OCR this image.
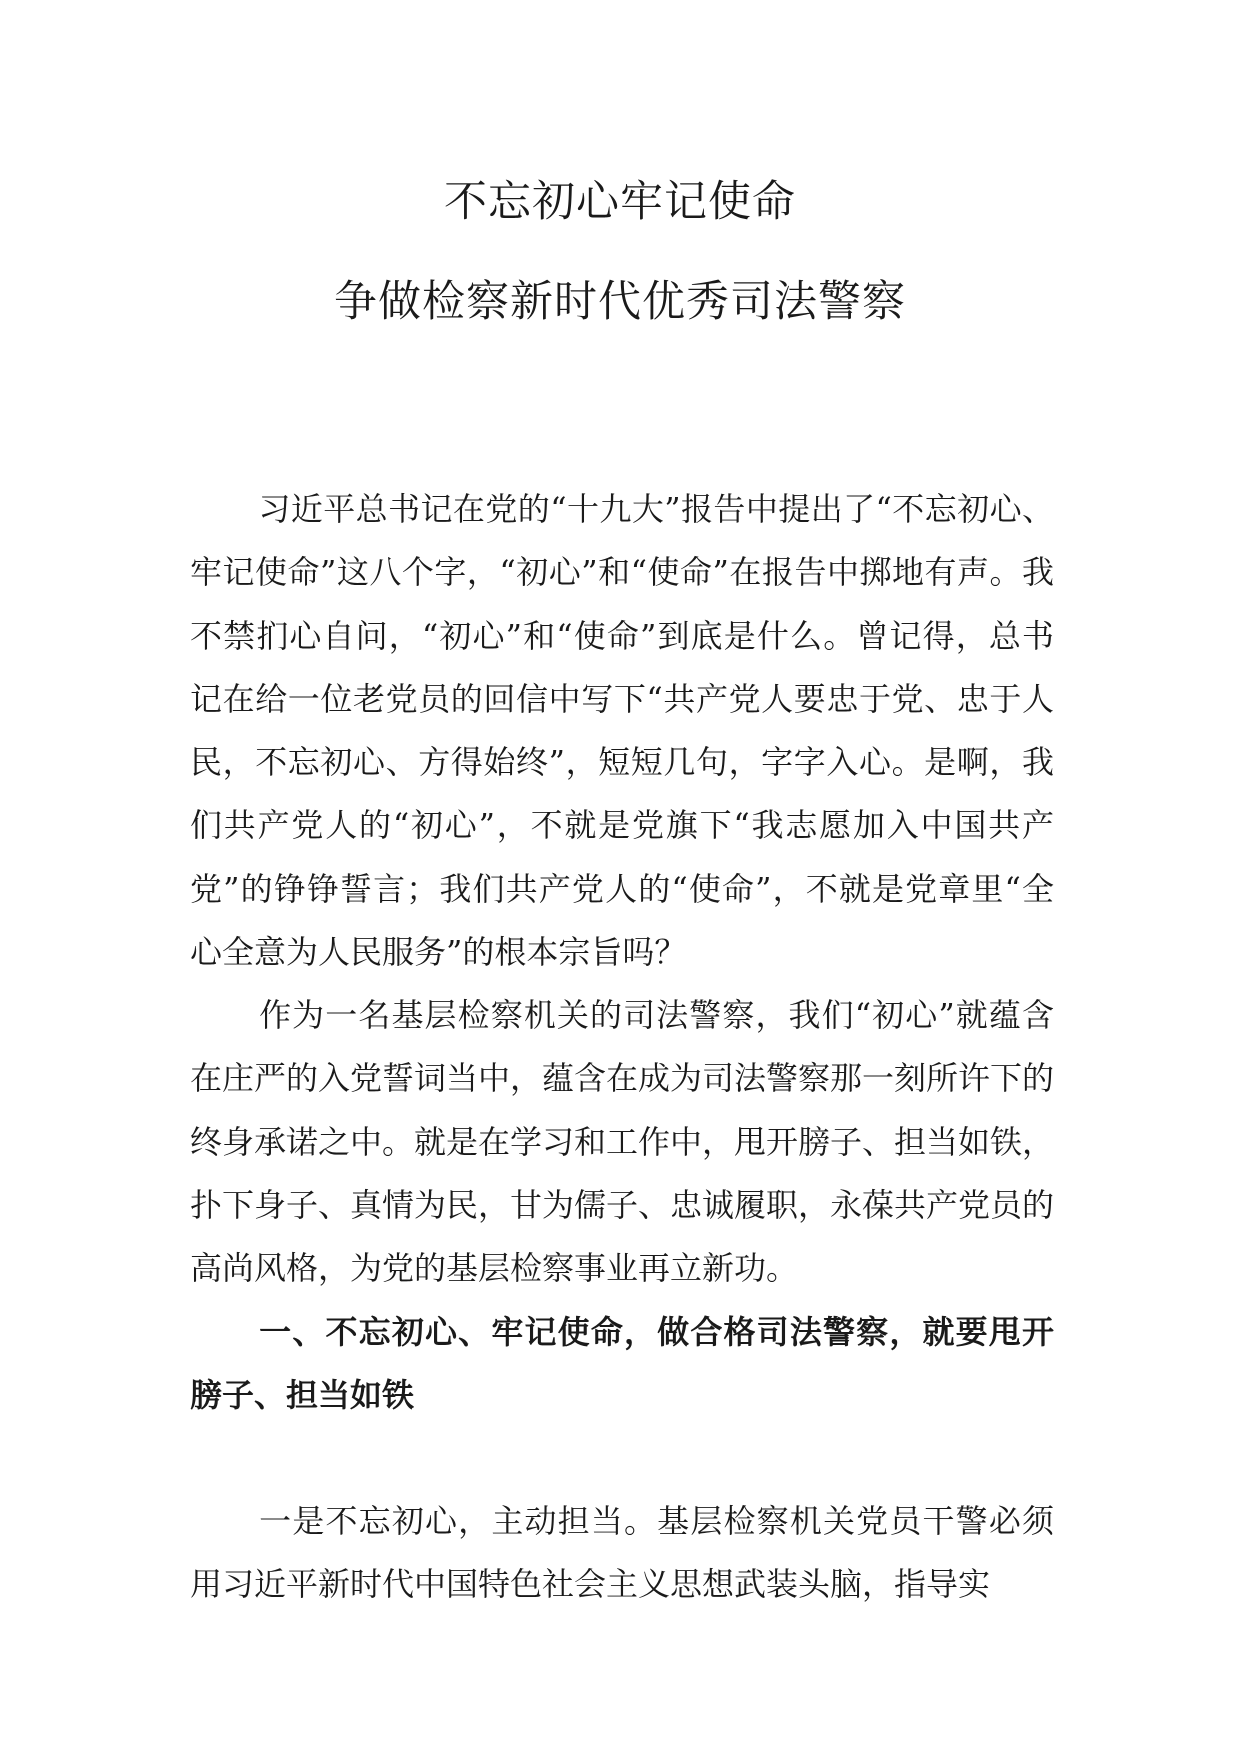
不忘初心牢记使命
争做检察新时代优秀司法警察

习近平总书记在党的“十九大”报告中提出了“不忘初心、牢记使命”这八个字，“初心”和“使命”在报告中掷地有声。我不禁扪心自问，“初心”和“使命”到底是什么。曾记得，总书记在给一位老党员的回信中写下“共产党人要忠于党、忠于人民，不忘初心、方得始终”，短短几句，字字入心。是啊，我们共产党人的“初心”，不就是党旗下“我志愿加入中国共产党”的铮铮誓言；我们共产党人的“使命”，不就是党章里“全心全意为人民服务”的根本宗旨吗？

作为一名基层检察机关的司法警察，我们“初心”就蕴含在庄严的入党誓词当中，蕴含在成为司法警察那一刻所许下的终身承诺之中。就是在学习和工作中，甩开膀子、担当如铁，扑下身子、真情为民，甘为儒子、忠诚履职，永葆共产党员的高尚风格，为党的基层检察事业再立新功。

一、不忘初心、牢记使命，做合格司法警察，就要甩开膀子、担当如铁

一是不忘初心，主动担当。基层检察机关党员干警必须用习近平新时代中国特色社会主义思想武装头脑，指导实
